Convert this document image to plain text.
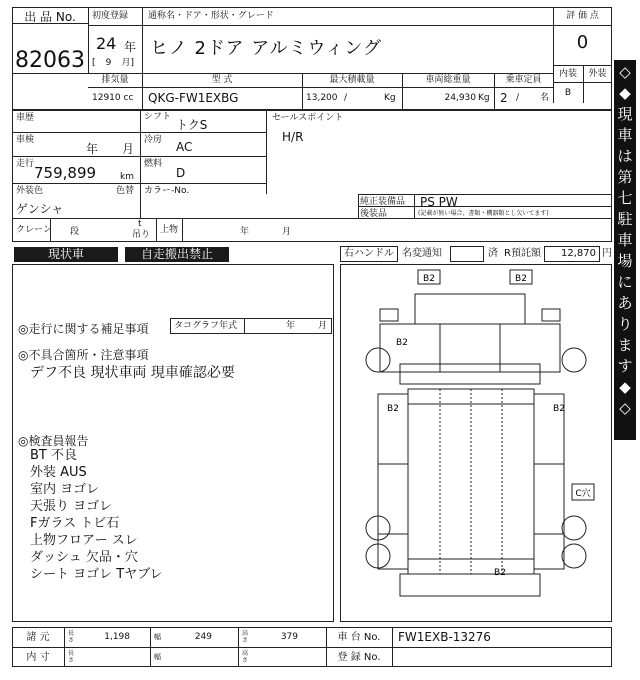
出 品 No.
82063
初度登録 通称名・ドア・形状・グレード
24 年
[ 9 月]
ヒノ 2ドア アルミウィング
評 価 点
0
内装	外装
B
排気量	型 式	最大積載量	車両総重量	乗車定員
12910 cc QKG-FW1EXBG	13,200 /	Kg	24,930 Kg 2 / 名
車歴	シフト
トクS
車検
年 月
冷房 AC
走行 759,899	km
燃料
D
外装色
ゲンシャ
色替 カラー-No.
セールスポイント
H/R
純正装備品 PS PW
後装品	(記載が無い場合、書類・機器類とし欠いてます)
クレーン 段
t
吊り 上物	年	月
現状車	自走搬出禁止	右ハンドル 名変通知	済 R預託額	12,870 円
◎走行に関する補足事項	タコグラフ年式	年	月
◎不具合箇所・注意事項
デフ不良 現状車両 現車確認必要
◎検査員報告
BT 不良
外装 AUS
室内 ヨゴレ
天張り ヨゴレ
Fガラス トビ石
上物フロアー スレ
ダッシュ 欠品・穴
シート ヨゴレ Tヤブレ
B2	B2
B2
B2	B2
B2
C穴
◇
◆
現
車
は
第
七
駐
車
場
に
あ
り
ま
す
◆
◇
諸 元	長さ	1,198	幅	249	高さ	379	車 台 No.	FW1EXB-13276
内 寸	長さ	幅	高さ	登 録 No.
